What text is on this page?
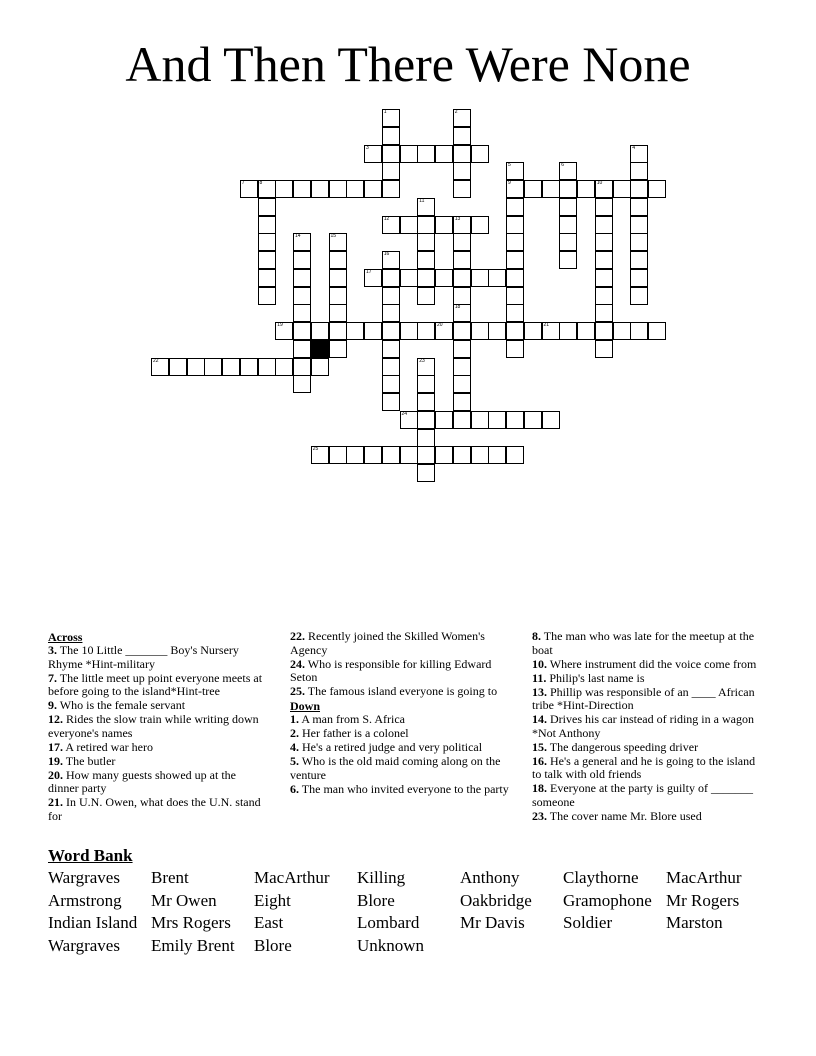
And Then There Were None
1	2
3	4
5
9
6
7	8	10
11
12	13
18
14	15
16
17
19	20	21
22	23
24
25
Across
3. The 10 Little _______ Boy's Nursery Rhyme *Hint-military
7. The little meet up point everyone meets at before going to the island*Hint-tree
9. Who is the female servant
12. Rides the slow train while writing down everyone's names
17. A retired war hero
19. The butler
20. How many guests showed up at the dinner party
21. In U.N. Owen, what does the U.N. stand for
22. Recently joined the Skilled Women's Agency
24. Who is responsible for killing Edward Seton
25. The famous island everyone is going to
Down
1. A man from S. Africa
2. Her father is a colonel
4. He's a retired judge and very political
5. Who is the old maid coming along on the venture
6. The man who invited everyone to the party
8. The man who was late for the meetup at the boat
10. Where instrument did the voice come from
11. Philip's last name is
13. Phillip was responsible of an ____ African tribe *Hint-Direction
14. Drives his car instead of riding in a wagon *Not Anthony
15. The dangerous speeding driver
16. He's a general and he is going to the island to talk with old friends
18. Everyone at the party is guilty of _______ someone
23. The cover name Mr. Blore used
Word Bank
Wargraves Brent	MacArthur Killing	Anthony	Claythorne MacArthur
Armstrong Mr Owen Eight	Blore	Oakbridge Gramophone Mr Rogers
Indian Island Mrs Rogers East	Lombard Mr Davis Soldier	Marston
Wargraves Emily Brent Blore	Unknown
